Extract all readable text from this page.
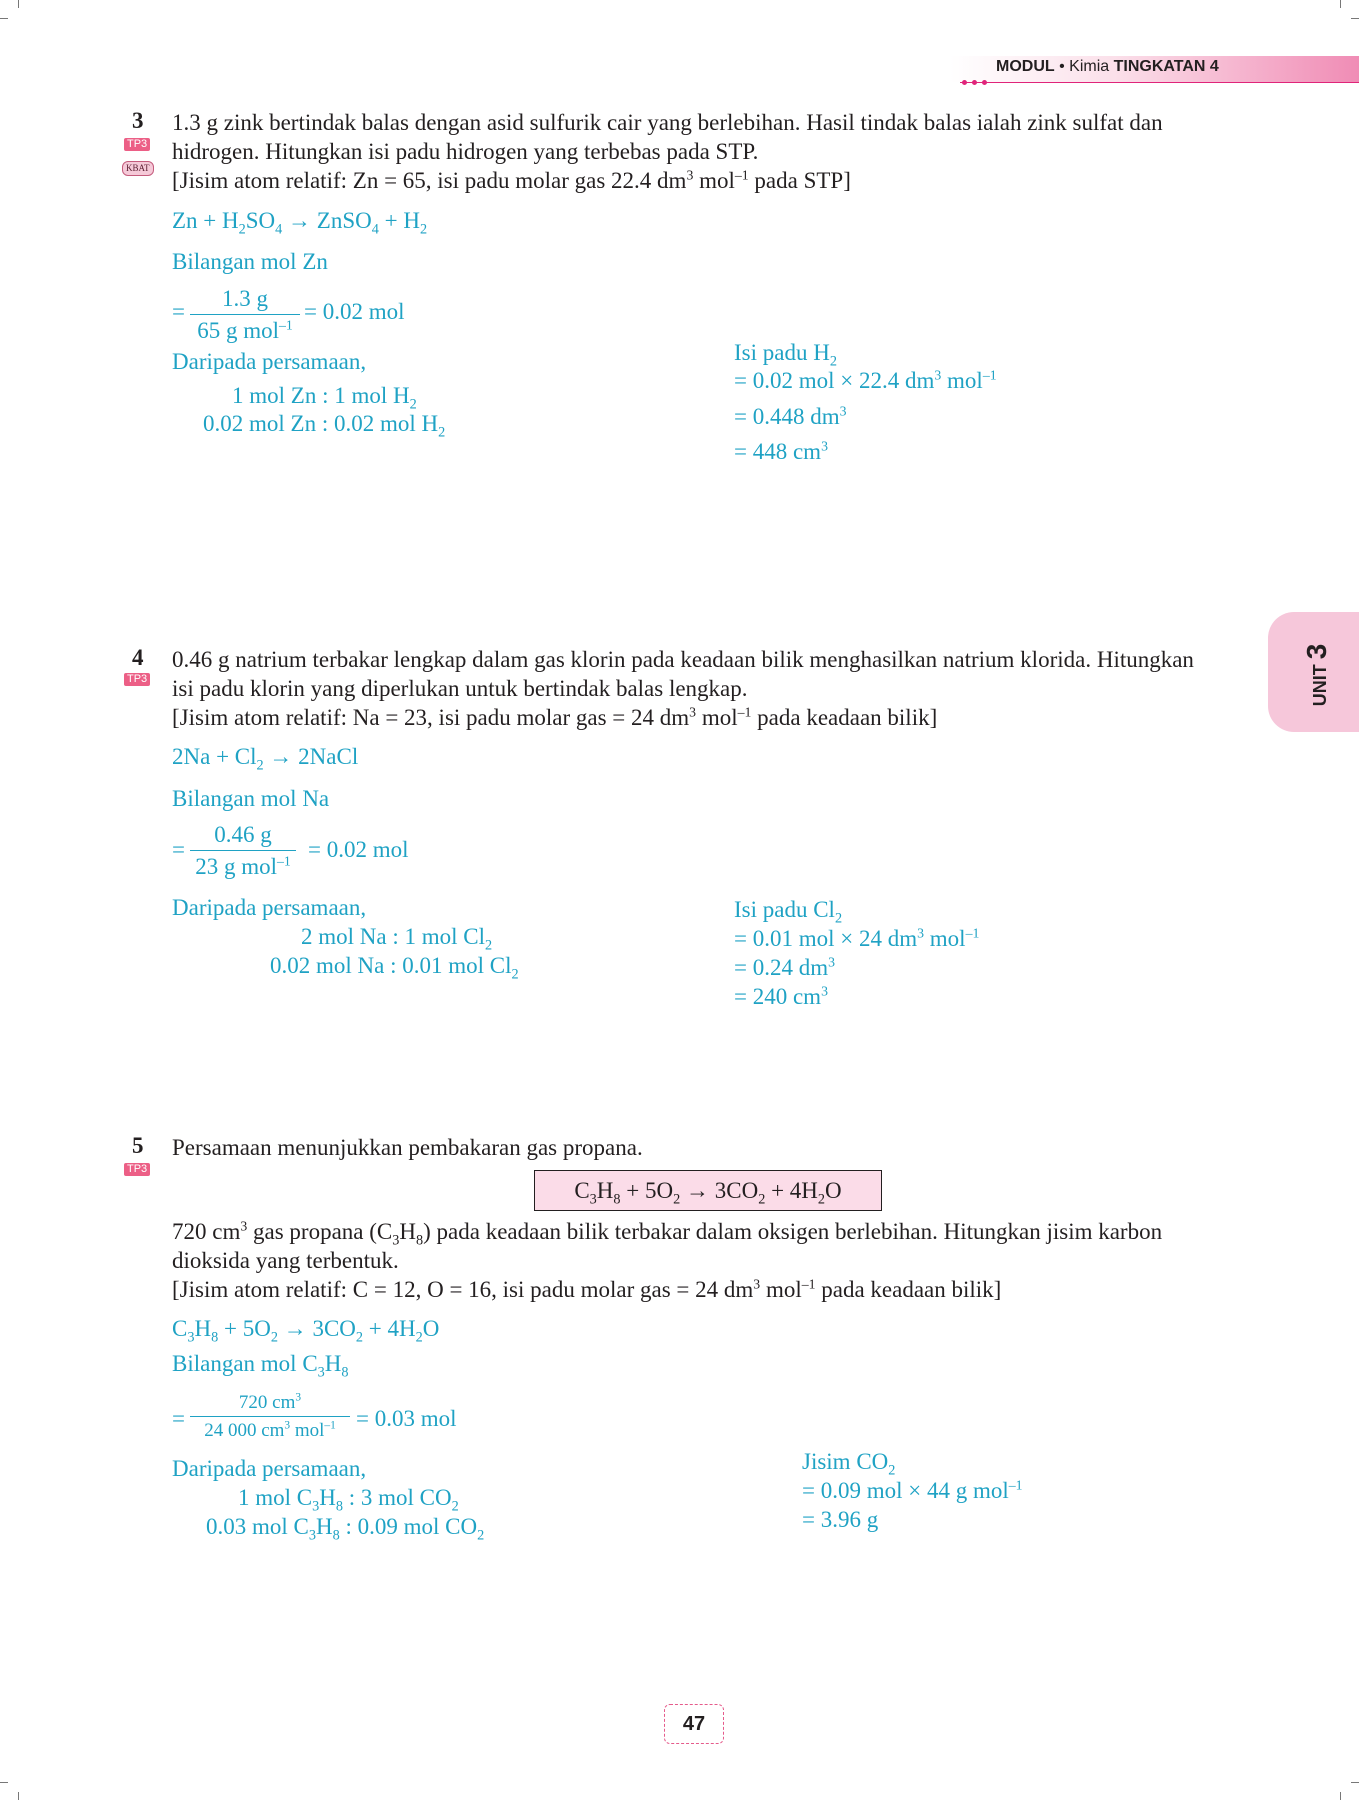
MODUL • Kimia TINGKATAN 4
UNIT 3
3
TP3
KBAT
1.3 g zink bertindak balas dengan asid sulfurik cair yang berlebihan. Hasil tindak balas ialah zink sulfat dan
hidrogen. Hitungkan isi padu hidrogen yang terbebas pada STP.
[Jisim atom relatif: Zn = 65, isi padu molar gas 22.4 $dm^3$ mol$^{-1}$ pada STP]
$Zn + H_2SO_4$ → ZnSO$_4$ + $H_2$
Bilangan mol Zn
=
1.3 g
65 g mol$^{-1}$
= 0.02 mol
Daripada persamaan,
1 mol Zn : 1 mol $H_2$
0.02 mol Zn : 0.02 mol $H_2$
Isi padu $H_2$
= 0.02 mol × 22.4 $dm^3$ mol$^{-1}$
= 0.448 $dm^3$
= 448 $cm^3$
4
TP3
0.46 g natrium terbakar lengkap dalam gas klorin pada keadaan bilik menghasilkan natrium klorida. Hitungkan
isi padu klorin yang diperlukan untuk bertindak balas lengkap.
[Jisim atom relatif: Na = 23, isi padu molar gas = 24 $dm^3$ mol$^{-1}$ pada keadaan bilik]
$2Na + Cl_2$ → 2NaCl
Bilangan mol Na
=
0.46 g
23 g mol$^{-1}$ = 0.02 mol
Daripada persamaan,
2 mol Na : 1 mol $Cl_2$
0.02 mol Na : 0.01 mol $Cl_2$
Isi padu $Cl_2$
= 0.01 mol × 24 $dm^3$ mol$^{-1}$
= 0.24 $dm^3$
= 240 $cm^3$
5
TP3
Persamaan menunjukkan pembakaran gas propana.
$C_3H_8 + 5O_2 \to 3CO_2 + 4H_2O$
720 $cm^3$ gas propana $(C_3H_8)$ pada keadaan bilik terbakar dalam oksigen berlebihan. Hitungkan jisim karbon
dioksida yang terbentuk.
[Jisim atom relatif: C = 12, O = 16, isi padu molar gas = 24 $dm^3$ mol$^{-1}$ pada keadaan bilik]
$C_3H_8 + 5O_2 \to 3CO_2 + 4H_2O$
Bilangan mol $C_3H_8$
=
720 $cm^3$
24 000 $cm^3$ mol$^{-1}$ = 0.03 mol
Daripada persamaan,
1 mol $C_3H_8$ : 3 mol $CO_2$
0.03 mol $C_3H_8$ : 0.09 mol $CO_2$
Jisim $CO_2$
= 0.09 mol × 44 g mol$^{-1}$
= 3.96 g
47
